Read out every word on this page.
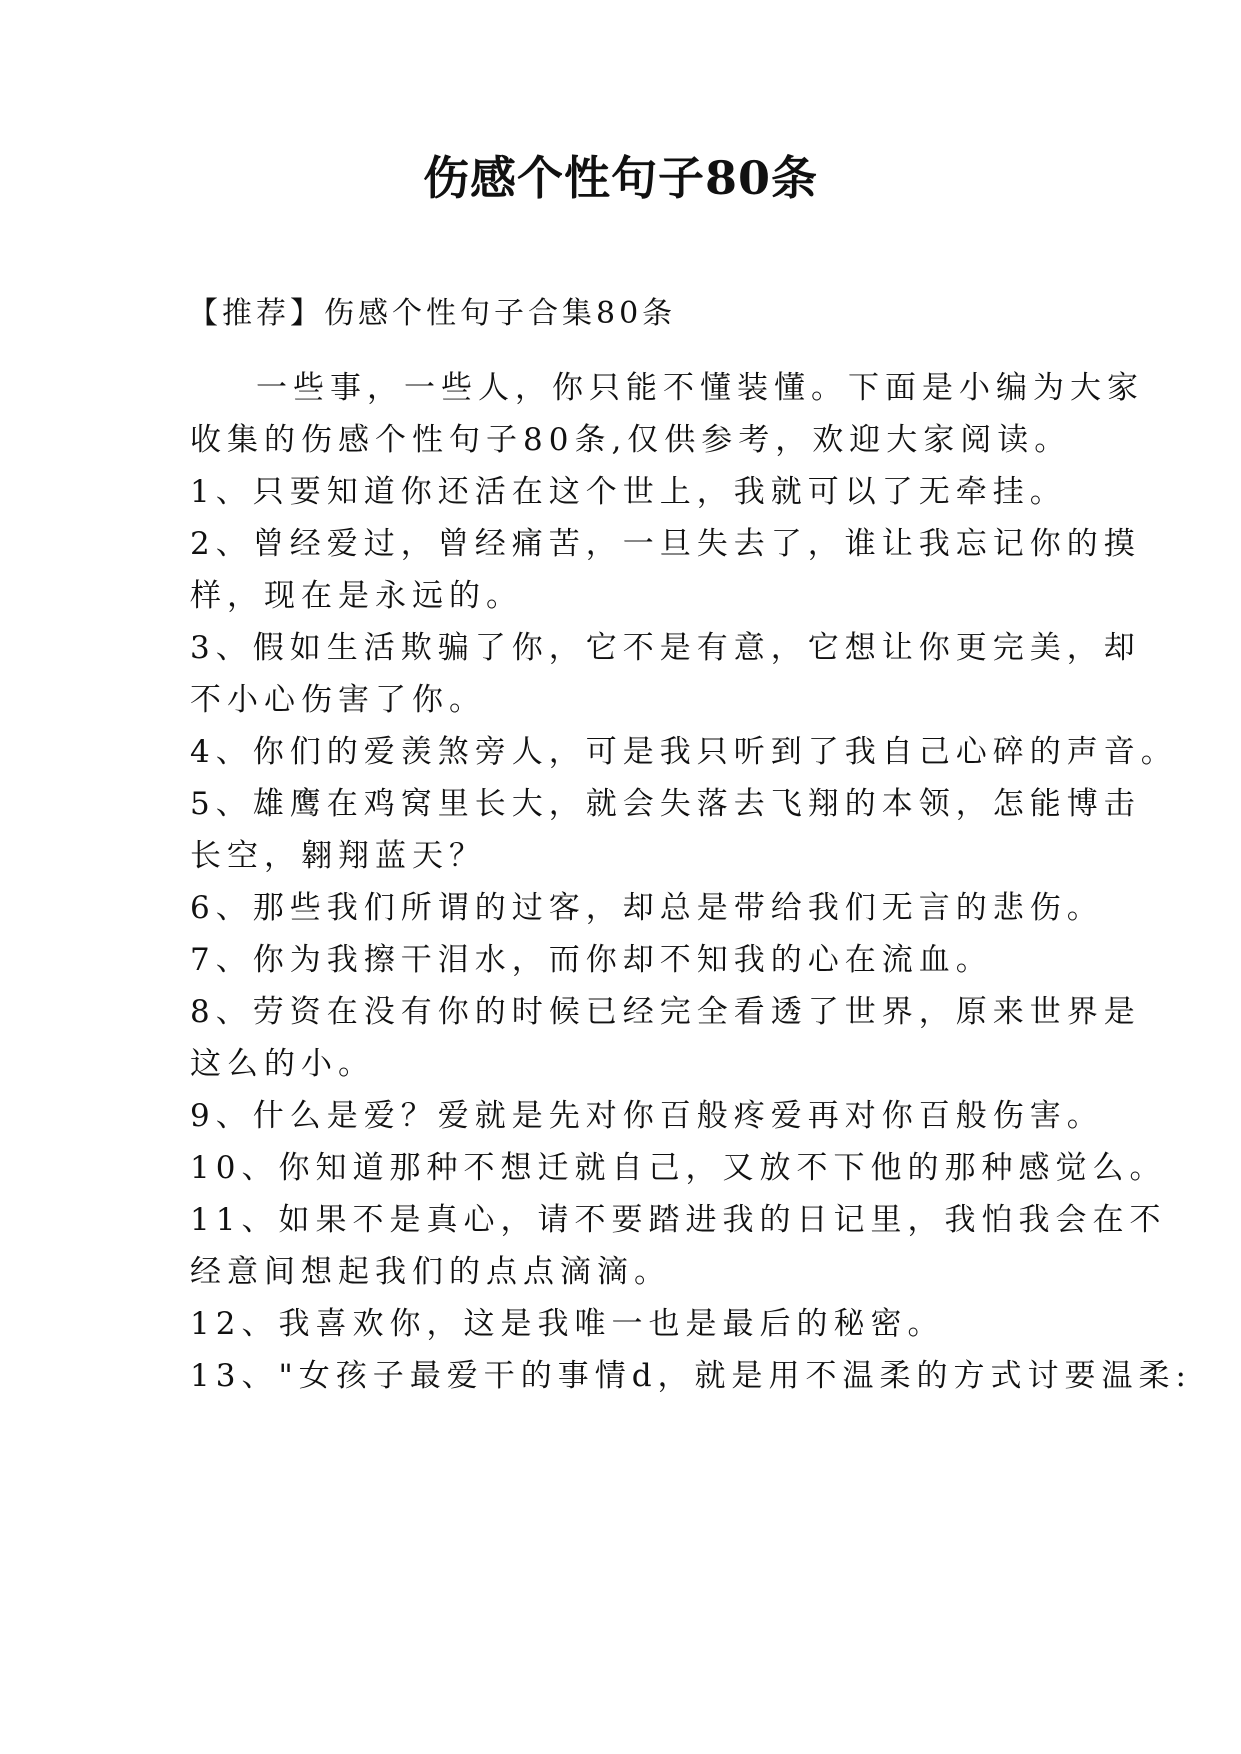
伤感个性句子80条
【推荐】伤感个性句子合集80条
一些事，一些人，你只能不懂装懂。下面是小编为大家
收集的伤感个性句子80条,仅供参考，欢迎大家阅读。
1、只要知道你还活在这个世上，我就可以了无牵挂。
2、曾经爱过，曾经痛苦，一旦失去了，谁让我忘记你的摸
样，现在是永远的。
3、假如生活欺骗了你，它不是有意，它想让你更完美，却
不小心伤害了你。
4、你们的爱羡煞旁人，可是我只听到了我自己心碎的声音。
5、雄鹰在鸡窝里长大，就会失落去飞翔的本领，怎能博击
长空，翱翔蓝天？
6、那些我们所谓的过客，却总是带给我们无言的悲伤。
7、你为我擦干泪水，而你却不知我的心在流血。
8、劳资在没有你的时候已经完全看透了世界，原来世界是
这么的小。
9、什么是爱？爱就是先对你百般疼爱再对你百般伤害。
10、你知道那种不想迁就自己，又放不下他的那种感觉么。
11、如果不是真心，请不要踏进我的日记里，我怕我会在不
经意间想起我们的点点滴滴。
12、我喜欢你，这是我唯一也是最后的秘密。
13、"女孩子最爱干的事情d，就是用不温柔的方式讨要温柔:
